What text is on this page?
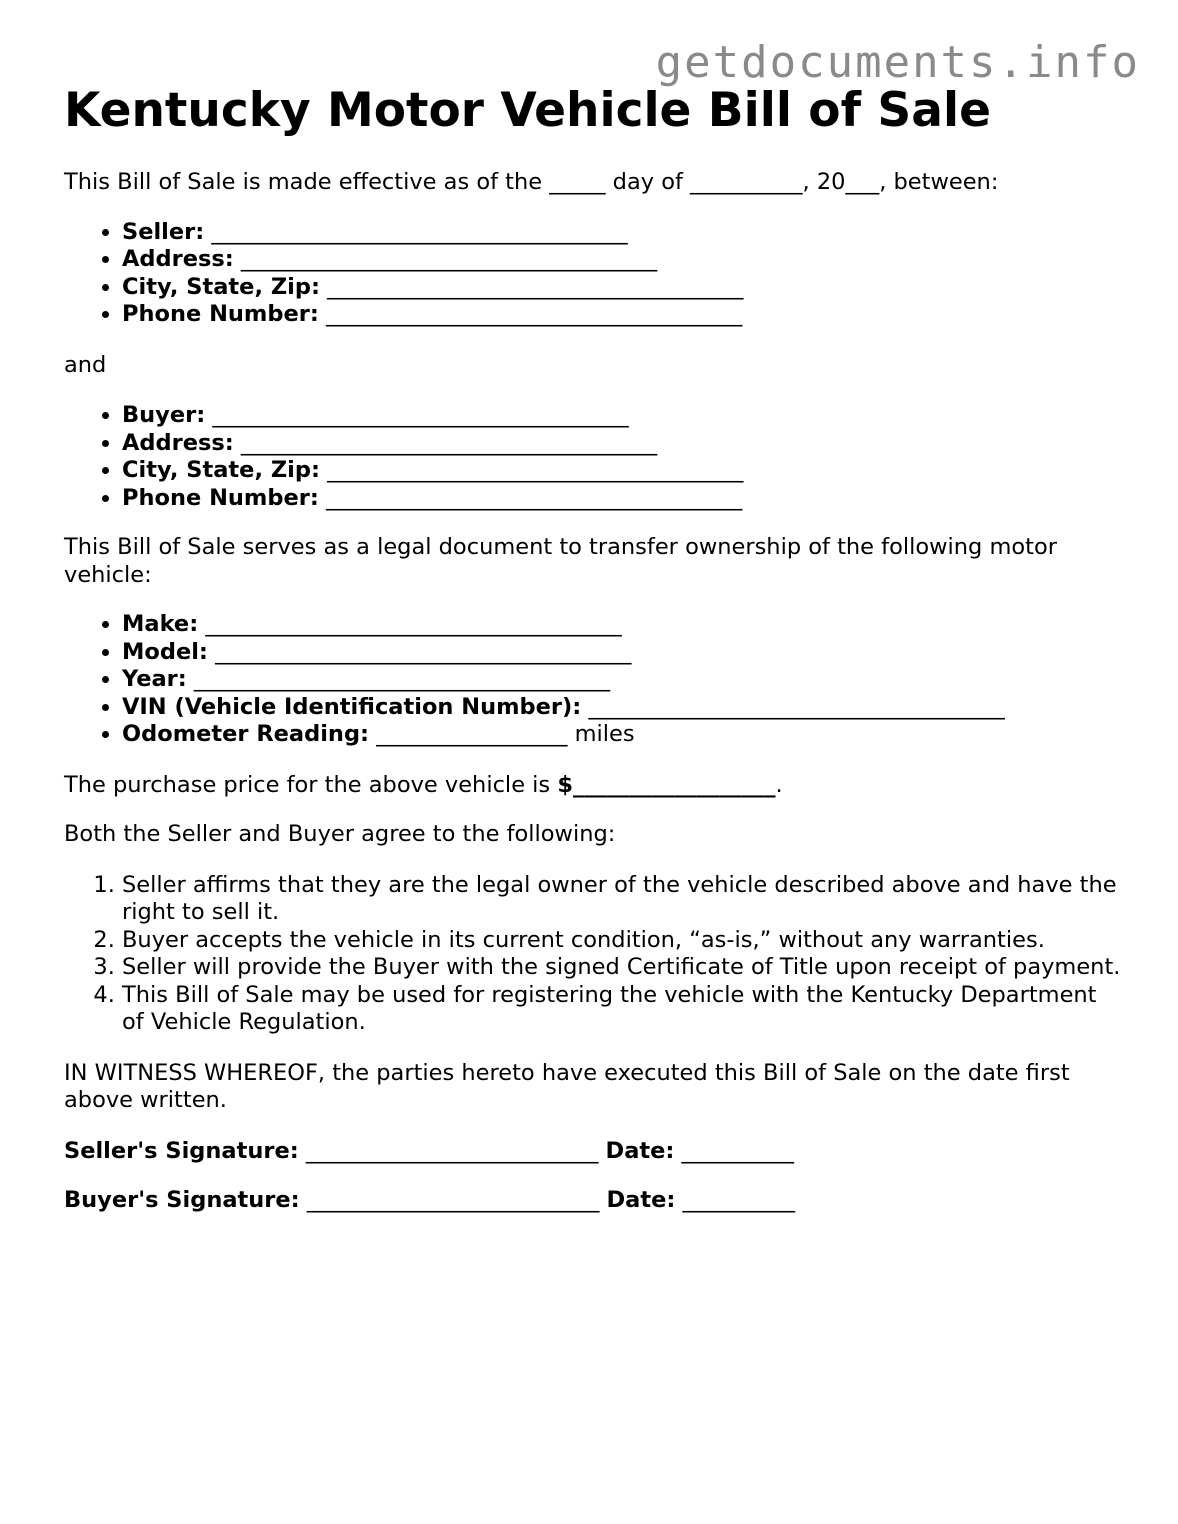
getdocuments.info
Kentucky Motor Vehicle Bill of Sale

This Bill of Sale is made effective as of the _____ day of __________, 20___, between:

• Seller: _____________________________________
• Address: _____________________________________
• City, State, Zip: _____________________________________
• Phone Number: _____________________________________

and

• Buyer: _____________________________________
• Address: _____________________________________
• City, State, Zip: _____________________________________
• Phone Number: _____________________________________

This Bill of Sale serves as a legal document to transfer ownership of the following motor vehicle:

• Make: _____________________________________
• Model: _____________________________________
• Year: _____________________________________
• VIN (Vehicle Identification Number): _____________________________________
• Odometer Reading: _________________ miles

The purchase price for the above vehicle is $__________________.

Both the Seller and Buyer agree to the following:

1. Seller affirms that they are the legal owner of the vehicle described above and have the right to sell it.
2. Buyer accepts the vehicle in its current condition, “as-is,” without any warranties.
3. Seller will provide the Buyer with the signed Certificate of Title upon receipt of payment.
4. This Bill of Sale may be used for registering the vehicle with the Kentucky Department of Vehicle Regulation.

IN WITNESS WHEREOF, the parties hereto have executed this Bill of Sale on the date first above written.

Seller's Signature: __________________________ Date: __________

Buyer's Signature: __________________________ Date: __________
